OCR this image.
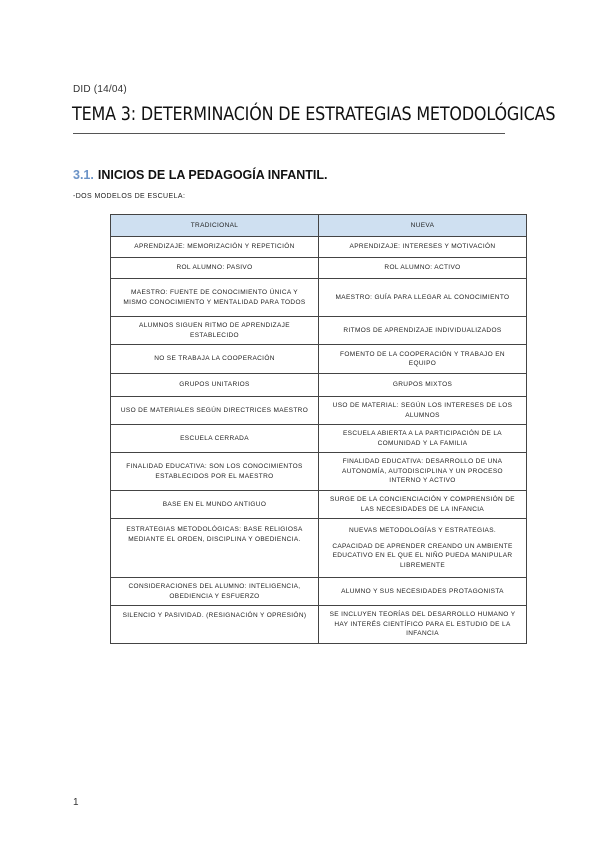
DID (14/04)
TEMA 3: DETERMINACIÓN DE ESTRATEGIAS METODOLÓGICAS
3.1. INICIOS DE LA PEDAGOGÍA INFANTIL.
-DOS MODELOS DE ESCUELA:
TRADICIONAL	NUEVA
APRENDIZAJE: MEMORIZACIÓN Y REPETICIÓN	APRENDIZAJE: INTERESES Y MOTIVACIÓN
ROL ALUMNO: PASIVO	ROL ALUMNO: ACTIVO
MAESTRO: FUENTE DE CONOCIMIENTO ÚNICA Y MISMO CONOCIMIENTO Y MENTALIDAD PARA TODOS	MAESTRO: GUÍA PARA LLEGAR AL CONOCIMIENTO
ALUMNOS SIGUEN RITMO DE APRENDIZAJE ESTABLECIDO	RITMOS DE APRENDIZAJE INDIVIDUALIZADOS
NO SE TRABAJA LA COOPERACIÓN	FOMENTO DE LA COOPERACIÓN Y TRABAJO EN EQUIPO
GRUPOS UNITARIOS	GRUPOS MIXTOS
USO DE MATERIALES SEGÚN DIRECTRICES MAESTRO	USO DE MATERIAL: SEGÚN LOS INTERESES DE LOS ALUMNOS
ESCUELA CERRADA	ESCUELA ABIERTA A LA PARTICIPACIÓN DE LA COMUNIDAD Y LA FAMILIA
FINALIDAD EDUCATIVA: SON LOS CONOCIMIENTOS ESTABLECIDOS POR EL MAESTRO	FINALIDAD EDUCATIVA: DESARROLLO DE UNA AUTONOMÍA, AUTODISCIPLINA Y UN PROCESO INTERNO Y ACTIVO
BASE EN EL MUNDO ANTIGUO	SURGE DE LA CONCIENCIACIÓN Y COMPRENSIÓN DE LAS NECESIDADES DE LA INFANCIA

ESTRATEGIAS METODOLÓGICAS: BASE RELIGIOSA MEDIANTE EL ORDEN, DISCIPLINA Y OBEDIENCIA.	NUEVAS METODOLOGÍAS Y ESTRATEGIAS.

CAPACIDAD DE APRENDER CREANDO UN AMBIENTE EDUCATIVO EN EL QUE EL NIÑO PUEDA MANIPULAR LIBREMENTE

CONSIDERACIONES DEL ALUMNO: INTELIGENCIA, OBEDIENCIA Y ESFUERZO	ALUMNO Y SUS NECESIDADES PROTAGONISTA

SILENCIO Y PASIVIDAD. (RESIGNACIÓN Y OPRESIÓN)	SE INCLUYEN TEORÍAS DEL DESARROLLO HUMANO Y HAY INTERÉS CIENTÍFICO PARA EL ESTUDIO DE LA INFANCIA
1
